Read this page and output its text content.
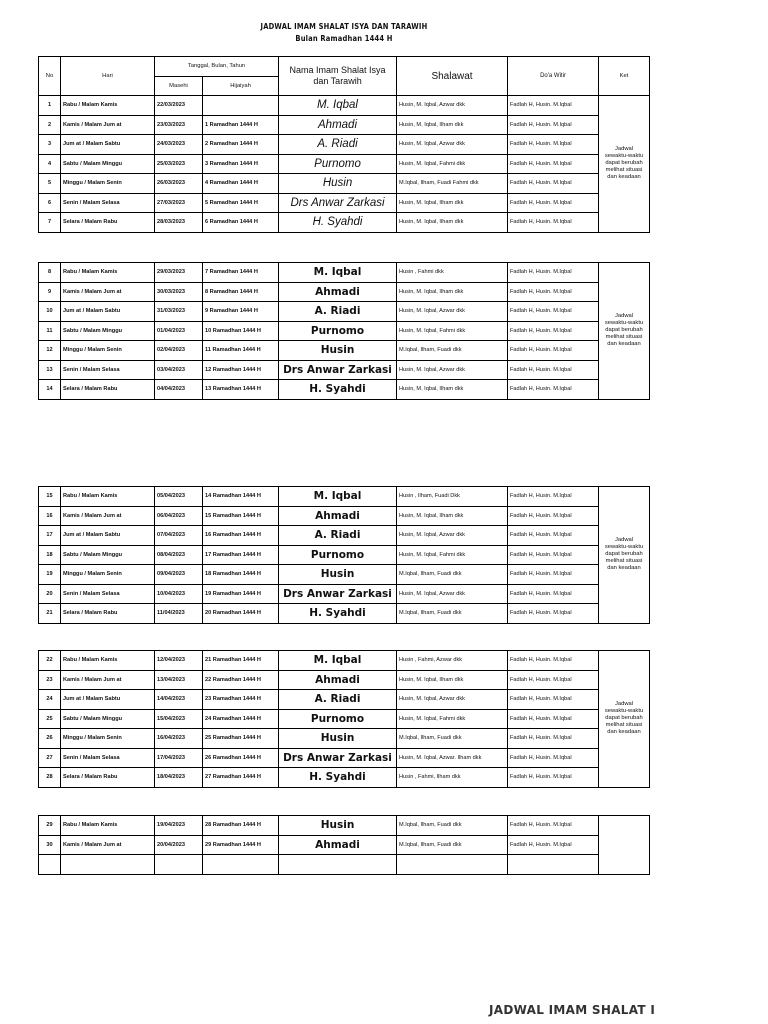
JADWAL IMAM SHALAT ISYA DAN TARAWIH
Bulan Ramadhan 1444 H
No	Hari	Tanggal, Bulan, Tahun		Nama Imam Shalat Isya dan Tarawih	Shalawat	Do'a Witir	Ket
		Masehi	Hijaiyah				
1	Rabu / Malam Kamis	22/03/2023		M. Iqbal	Husin, M. Iqbal, Azwar dkk	Fadlah H, Husin. M.Iqbal	Jadwal sewaktu-waktu dapat berubah melihat situasi dan keadaan
2	Kamis / Malam Jum at	23/03/2023	1 Ramadhan 1444 H	Ahmadi	Husin, M. Iqbal, Ilham dkk	Fadlah H, Husin. M.Iqbal	
3	Jum at / Malam Sabtu	24/03/2023	2 Ramadhan 1444 H	A. Riadi	Husin, M. Iqbal, Azwar dkk	Fadlah H, Husin. M.Iqbal	
4	Sabtu / Malam Minggu	25/03/2023	3 Ramadhan 1444 H	Purnomo	Husin, M. Iqbal, Fahmi dkk	Fadlah H, Husin. M.Iqbal	
5	Minggu / Malam Senin	26/03/2023	4 Ramadhan 1444 H	Husin	M.Iqbal, Ilham, Fuadi Fahmi dkk	Fadlah H, Husin. M.Iqbal	
6	Senin / Malam Selasa	27/03/2023	5 Ramadhan 1444 H	Drs Anwar Zarkasi	Husin, M. Iqbal, Ilham dkk	Fadlah H, Husin. M.Iqbal	
7	Selara / Malam Rabu	28/03/2023	6 Ramadhan 1444 H	H. Syahdi	Husin, M. Iqbal, Ilham dkk	Fadlah H, Husin. M.Iqbal	
8	Rabu / Malam Kamis	29/03/2023	7 Ramadhan 1444 H	M. Iqbal	Husin , Fahmi dkk	Fadlah H, Husin. M.Iqbal	Jadwal sewaktu-waktu dapat berubah melihat situasi dan keadaan
9	Kamis / Malam Jum at	30/03/2023	8 Ramadhan 1444 H	Ahmadi	Husin, M. Iqbal, Ilham dkk	Fadlah H, Husin. M.Iqbal	
10	Jum at / Malam Sabtu	31/03/2023	9 Ramadhan 1444 H	A. Riadi	Husin, M. Iqbal, Azwar dkk	Fadlah H, Husin. M.Iqbal	
11	Sabtu / Malam Minggu	01/04/2023	10 Ramadhan 1444 H	Purnomo	Husin, M. Iqbal, Fahmi dkk	Fadlah H, Husin. M.Iqbal	
12	Minggu / Malam Senin	02/04/2023	11 Ramadhan 1444 H	Husin	M.Iqbal, Ilham, Fuadi dkk	Fadlah H, Husin. M.Iqbal	
13	Senin / Malam Selasa	03/04/2023	12 Ramadhan 1444 H	Drs Anwar Zarkasi	Husin, M. Iqbal, Azwar dkk	Fadlah H, Husin. M.Iqbal	
14	Selara / Malam Rabu	04/04/2023	13 Ramadhan 1444 H	H. Syahdi	Husin, M. Iqbal, Ilham dkk	Fadlah H, Husin. M.Iqbal	
15	Rabu / Malam Kamis	05/04/2023	14 Ramadhan 1444 H	M. Iqbal	Husin , Ilham, Fuadi Dkk	Fadlah H, Husin. M.Iqbal	Jadwal sewaktu-waktu dapat berubah melihat situasi dan keadaan
16	Kamis / Malam Jum at	06/04/2023	15 Ramadhan 1444 H	Ahmadi	Husin, M. Iqbal, Ilham dkk	Fadlah H, Husin. M.Iqbal	
17	Jum at / Malam Sabtu	07/04/2023	16 Ramadhan 1444 H	A. Riadi	Husin, M. Iqbal, Azwar dkk	Fadlah H, Husin. M.Iqbal	
18	Sabtu / Malam Minggu	08/04/2023	17 Ramadhan 1444 H	Purnomo	Husin, M. Iqbal, Fahmi dkk	Fadlah H, Husin. M.Iqbal	
19	Minggu / Malam Senin	09/04/2023	18 Ramadhan 1444 H	Husin	M.Iqbal, Ilham, Fuadi dkk	Fadlah H, Husin. M.Iqbal	
20	Senin / Malam Selasa	10/04/2023	19 Ramadhan 1444 H	Drs Anwar Zarkasi	Husin, M. Iqbal, Azwar dkk	Fadlah H, Husin. M.Iqbal	
21	Selara / Malam Rabu	11/04/2023	20 Ramadhan 1444 H	H. Syahdi	M.Iqbal, Ilham, Fuadi dkk	Fadlah H, Husin. M.Iqbal	
22	Rabu / Malam Kamis	12/04/2023	21 Ramadhan 1444 H	M. Iqbal	Husin , Fahmi, Azwar dkk	Fadlah H, Husin. M.Iqbal	Jadwal sewaktu-waktu dapat berubah melihat situasi dan keadaan
23	Kamis / Malam Jum at	13/04/2023	22 Ramadhan 1444 H	Ahmadi	Husin, M. Iqbal, Ilham dkk	Fadlah H, Husin. M.Iqbal	
24	Jum at / Malam Sabtu	14/04/2023	23 Ramadhan 1444 H	A. Riadi	Husin, M. Iqbal, Azwar dkk	Fadlah H, Husin. M.Iqbal	
25	Sabtu / Malam Minggu	15/04/2023	24 Ramadhan 1444 H	Purnomo	Husin, M. Iqbal, Fahmi dkk	Fadlah H, Husin. M.Iqbal	
26	Minggu / Malam Senin	16/04/2023	25 Ramadhan 1444 H	Husin	M.Iqbal, Ilham, Fuadi dkk	Fadlah H, Husin. M.Iqbal	
27	Senin / Malam Selasa	17/04/2023	26 Ramadhan 1444 H	Drs Anwar Zarkasi	Husin, M. Iqbal, Azwar. Ilham dkk	Fadlah H, Husin. M.Iqbal	
28	Selara / Malam Rabu	18/04/2023	27 Ramadhan 1444 H	H. Syahdi	Husin , Fahmi, Ilham dkk	Fadlah H, Husin. M.Iqbal	
29	Rabu / Malam Kamis	19/04/2023	28 Ramadhan 1444 H	Husin	M.Iqbal, Ilham, Fuadi dkk	Fadlah H, Husin. M.Iqbal	
30	Kamis / Malam Jum at	20/04/2023	29 Ramadhan 1444 H	Ahmadi	M.Iqbal, Ilham, Fuadi dkk	Fadlah H, Husin. M.Iqbal	

JADWAL IMAM SHALAT I
